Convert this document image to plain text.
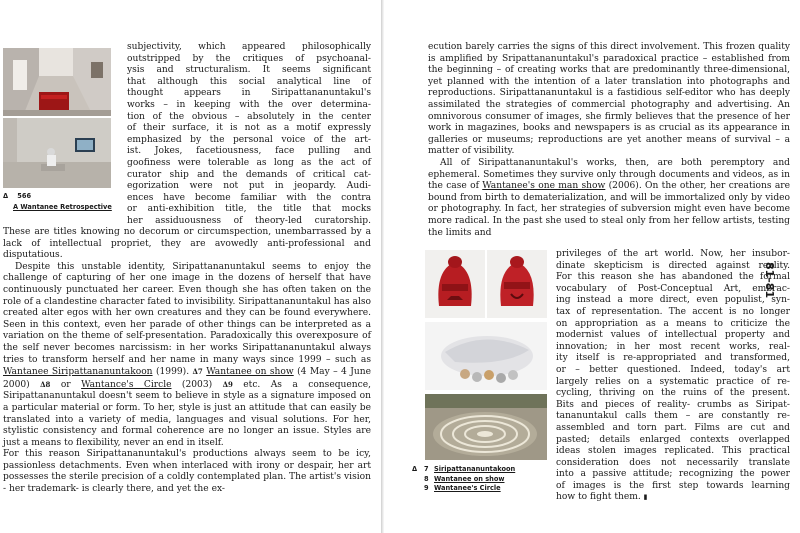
Δ 566
A Wantanee Retrospective

subjectivity, which appeared philosophically

outstripped by the critiques of psychoanal-

ysis and structuralism. It seems significant

that although this social analytical line of

thought appears in Siripattananuntakul's

works – in keeping with the over determina-

tion of the obvious – absolutely in the center

of their surface, it is not as a motif expressly

emphasized by the personal voice of the art-

ist. Jokes, facetiousness, face pulling and

goofiness were tolerable as long as the act of

curator ship and the demands of critical cat-

egorization were not put in jeopardy. Audi-

ences have become familiar with the contra

or anti-exhibition title, the title that mocks

her assiduousness of theory-led curatorship.

These are titles knowing no decorum or circumspection, unembarrassed by a lack of intellectual propriet, they are avowedly anti-professional and disputatious.

Despite this unstable identity, Siripattananuntakul seems to enjoy the challenge of capturing of her one image in the dozens of herself that have continuously punctuated her career. Even though she has often taken on the role of a clandestine character fated to invisibility. Siripattananuntakul has also created alter egos with her own creatures and they can be found everywhere. Seen in this context, even her parade of other things can be interpreted as a variation on the theme of self-presentation. Paradoxically this overexposure of the self never becomes narcissism: in her works Siripattananuntakul always tries to transform herself and her name in many ways since 1999 – such as Wantanee Siripattananuntakoon (1999). Δ7 Wantanee on show (4 May – 4 June 2000) Δ8 or Wantance's Circle (2003) Δ9 etc. As a consequence, Siripattananuntakul doesn't seem to believe in style as a signature imposed on a particular material or form. To her, style is just an attitude that can easily be translated into a variety of media, languages and visual solutions. For her, stylistic consistency and formal coherence are no longer an issue. Styles are just a means to flexibility, never an end in itself.

For this reason Siripattananuntakul's productions always seem to be icy, passionless detachments. Even when interlaced with irony or despair, her art possesses the sterile precision of a coldly contemplated plan. The artist's vision - her trademark- is clearly there, and yet the ex-

ecution barely carries the signs of this direct involvement. This frozen quality is amplified by Sripattananuntakul's paradoxical practice – established from the beginning – of creating works that are predominantly three-dimensional, yet planned with the intention of a later translation into photographs and reproductions. Siripattananuntakul is a fastidious self-editor who has deeply assimilated the strategies of commercial photography and advertising. An omnivorous consumer of images, she firmly believes that the presence of her work in magazines, books and newspapers is as crucial as its appearance in galleries or museums; reproductions are yet another means of survival – a matter of visibility.

All of Siripattananuntakul's works, then, are both peremptory and ephemeral. Sometimes they survive only through documents and videos, as in the case of Wantanee's one man show (2006). On the other, her creations are bound from birth to dematerialization, and will be immortalized only by video or photography. In fact, her strategies of subversion might even have become more radical. In the past she used to steal only from her fellow artists, testing the limits and

81–81
Δ 7 Siripattananuntakoon
8 Wantanee on show
9 Wantanee's Circle

privileges of the art world. Now, her insubor-

dinate skepticism is directed against reality.

For this reason she has abandoned the formal

vocabulary of Post-Conceptual Art, embrac-

ing instead a more direct, even populist, syn-

tax of representation. The accent is no longer

on appropriation as a means to criticize the

modernist values of intellectual property and

innovation; in her most recent works, real-

ity itself is re-appropriated and transformed,

or – better questioned. Indeed, today's art

largely relies on a systematic practice of re-

cycling, thriving on the ruins of the present.

Bits and pieces of reality- crumbs as Siripat-

tananuntakul calls them – are constantly re-

assembled and torn part. Films are cut and

pasted; details enlarged contexts overlapped

ideas stolen images replicated. This practical

consideration does not necessarily translate

into a passive attitude; recognizing the power

of images is the first step towards learning

how to fight them. ▮
